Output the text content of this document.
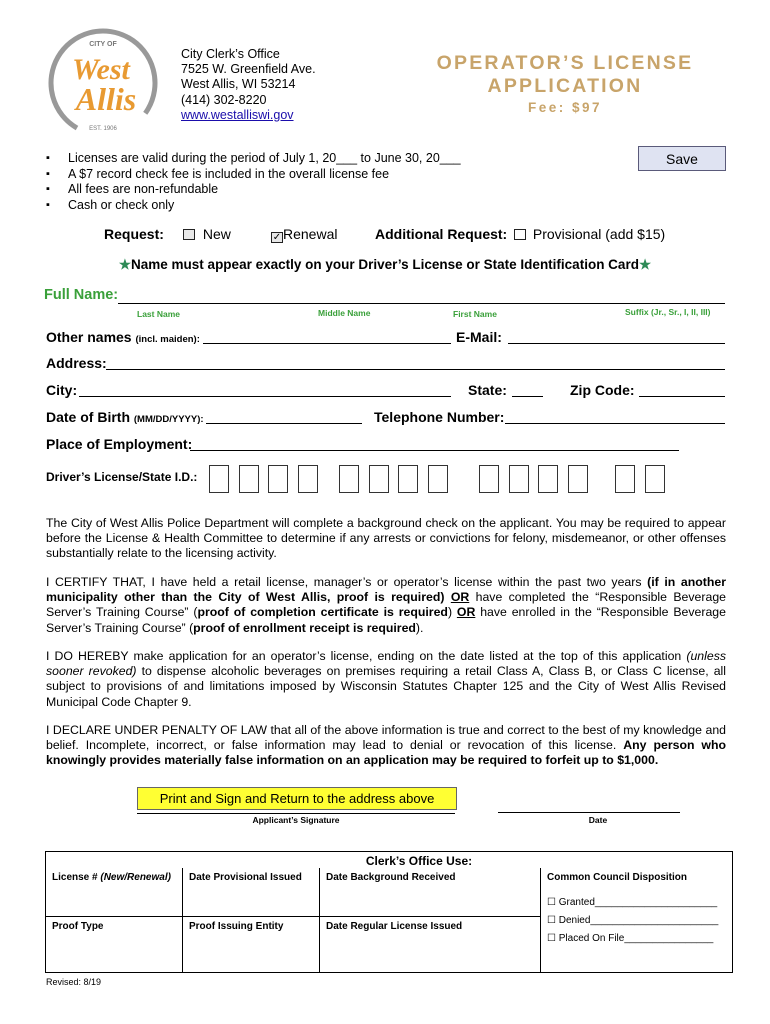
CITY OF
West
Allis
EST. 1906
City Clerk’s Office
7525 W. Greenfield Ave.
West Allis, WI 53214
(414) 302-8220
www.westalliswi.gov
OPERATOR’S LICENSE
APPLICATION
Fee: $97
▪ Licenses are valid during the period of July 1, 20___ to June 30, 20___
▪ A $7 record check fee is included in the overall license fee
▪ All fees are non-refundable
▪ Cash or check only
Save
Request:	New	✓ Renewal	Additional Request:	Provisional (add $15)
★Name must appear exactly on your Driver’s License or State Identification Card★
Full Name:
Last Name	Middle Name	First Name	Suffix (Jr., Sr., I, II, III)
Other names (incl. maiden):	E-Mail:
Address:
City:	State:	Zip Code:
Date of Birth (MM/DD/YYYY):	Telephone Number:
Place of Employment:
Driver’s License/State I.D.:
The City of West Allis Police Department will complete a background check on the applicant. You may be required to appear before the License & Health Committee to determine if any arrests or convictions for felony, misdemeanor, or other offenses substantially relate to the licensing activity.
I CERTIFY THAT, I have held a retail license, manager’s or operator’s license within the past two years (if in another municipality other than the City of West Allis, proof is required) OR have completed the “Responsible Beverage Server’s Training Course” (proof of completion certificate is required) OR have enrolled in the “Responsible Beverage Server’s Training Course” (proof of enrollment receipt is required).
I DO HEREBY make application for an operator’s license, ending on the date listed at the top of this application (unless sooner revoked) to dispense alcoholic beverages on premises requiring a retail Class A, Class B, or Class C license, all subject to provisions of and limitations imposed by Wisconsin Statutes Chapter 125 and the City of West Allis Revised Municipal Code Chapter 9.
I DECLARE UNDER PENALTY OF LAW that all of the above information is true and correct to the best of my knowledge and belief. Incomplete, incorrect, or false information may lead to denial or revocation of this license. Any person who knowingly provides materially false information on an application may be required to forfeit up to $1,000.
Print and Sign and Return to the address above
Applicant’s Signature	Date
Clerk’s Office Use:			
License # (New/Renewal)	Date Provisional Issued	Date Background Received	Common Council Disposition
☐ Granted______________________
☐ Denied_______________________
☐ Placed On File________________

Proof Type	Proof Issuing Entity	Date Regular License Issued	
Revised: 8/19
